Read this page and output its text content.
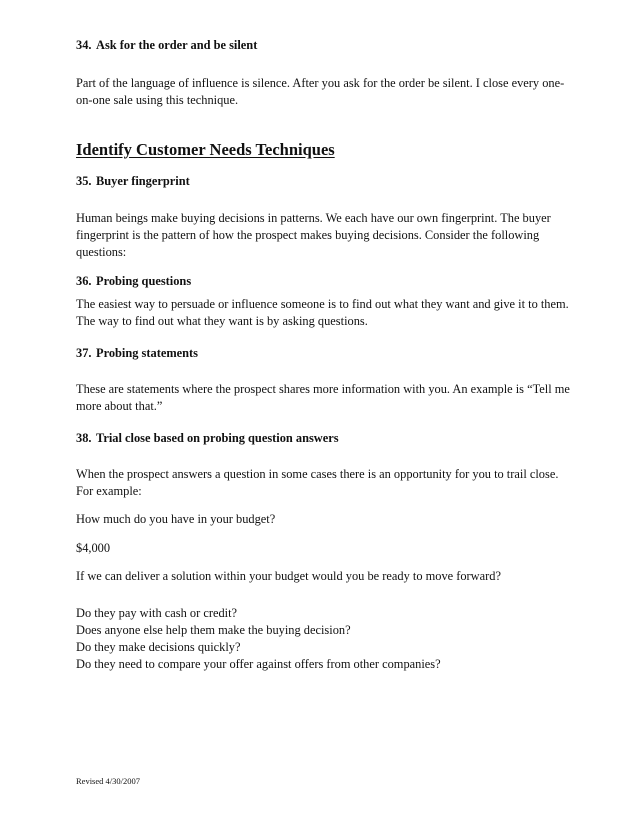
34. Ask for the order and be silent

Part of the language of influence is silence. After you ask for the order be silent. I close every one-on-one sale using this technique.

Identify Customer Needs Techniques

35. Buyer fingerprint

Human beings make buying decisions in patterns. We each have our own fingerprint. The buyer fingerprint is the pattern of how the prospect makes buying decisions. Consider the following questions:

36. Probing questions

The easiest way to persuade or influence someone is to find out what they want and give it to them. The way to find out what they want is by asking questions.

37. Probing statements

These are statements where the prospect shares more information with you. An example is “Tell me more about that.”

38. Trial close based on probing question answers

When the prospect answers a question in some cases there is an opportunity for you to trail close. For example:

How much do you have in your budget?

$4,000

If we can deliver a solution within your budget would you be ready to move forward?

Do they pay with cash or credit?
Does anyone else help them make the buying decision?
Do they make decisions quickly?
Do they need to compare your offer against offers from other companies?
Revised 4/30/2007
